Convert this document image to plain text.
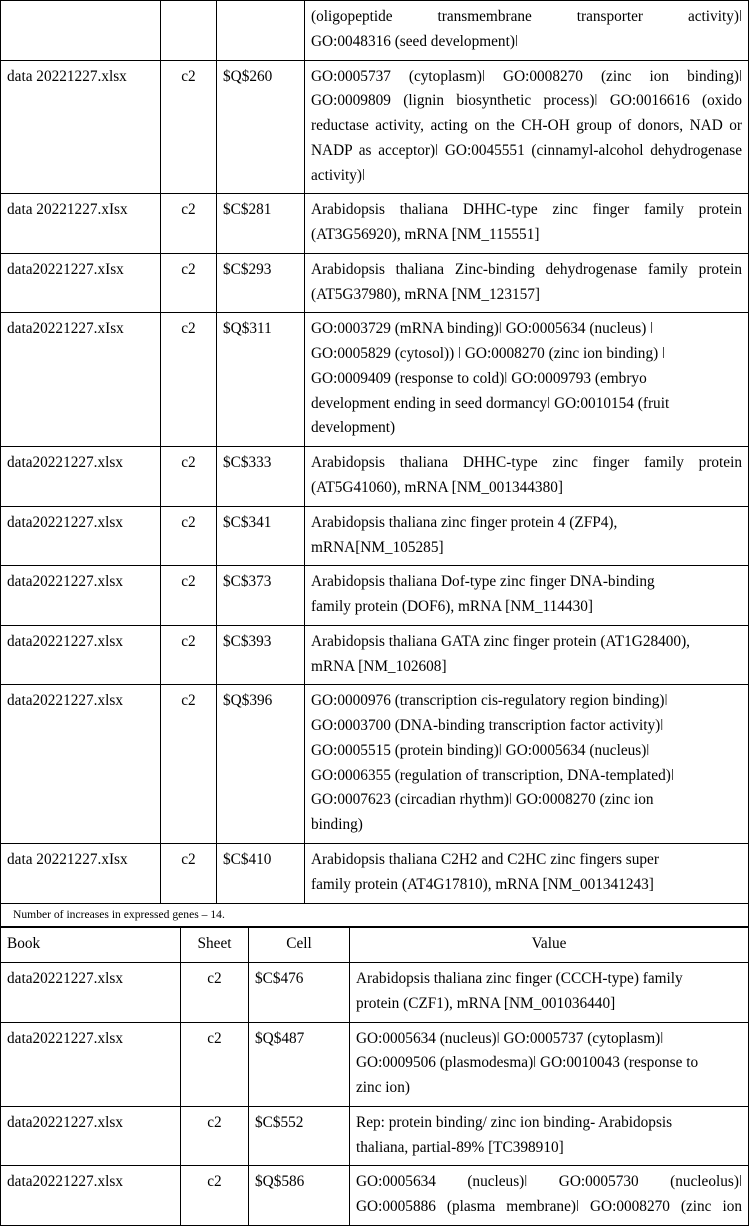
			(oligopeptide transmembrane transporter activity)ǀ
GO:0048316 (seed development)ǀ

data 20221227.xlsx	c2	$Q$260	GO:0005737 (cytoplasm)ǀ GO:0008270 (zinc ion binding)ǀ GO:0009809 (lignin biosynthetic process)ǀ GO:0016616 (oxido reductase activity, acting on the CH-OH group of donors, NAD or NADP as acceptor)ǀ GO:0045551 (cinnamyl-alcohol dehydrogenase activity)ǀ
data 20221227.xIsx	c2	$C$281	Arabidopsis thaliana DHHC-type zinc finger family protein (AT3G56920), mRNA [NM_115551]
data20221227.xIsx	c2	$C$293	Arabidopsis thaliana Zinc-binding dehydrogenase family protein (AT5G37980), mRNA [NM_123157]
data20221227.xIsx	c2	$Q$311	GO:0003729 (mRNA binding)ǀ GO:0005634 (nucleus) ǀ
GO:0005829 (cytosol)) ǀ GO:0008270 (zinc ion binding) ǀ
GO:0009409 (response to cold)ǀ GO:0009793 (embryo
development ending in seed dormancyǀ GO:0010154 (fruit
development)

data20221227.xlsx	c2	$C$333	Arabidopsis thaliana DHHC-type zinc finger family protein (AT5G41060), mRNA [NM_001344380]
data20221227.xlsx	c2	$C$341	Arabidopsis thaliana zinc finger protein 4 (ZFP4),
mRNA[NM_105285]

data20221227.xlsx	c2	$C$373	Arabidopsis thaliana Dof-type zinc finger DNA-binding
family protein (DOF6), mRNA [NM_114430]

data20221227.xlsx	c2	$C$393	Arabidopsis thaliana GATA zinc finger protein (AT1G28400),
mRNA [NM_102608]

data20221227.xlsx	c2	$Q$396	GO:0000976 (transcription cis-regulatory region binding)ǀ
GO:0003700 (DNA-binding transcription factor activity)ǀ
GO:0005515 (protein binding)ǀ GO:0005634 (nucleus)ǀ
GO:0006355 (regulation of transcription, DNA-templated)ǀ
GO:0007623 (circadian rhythm)ǀ GO:0008270 (zinc ion
binding)

data 20221227.xIsx	c2	$C$410	Arabidopsis thaliana C2H2 and C2HC zinc fingers super
family protein (AT4G17810), mRNA [NM_001341243]
Number of increases in expressed genes – 14.
Book	Sheet	Cell	Value
data20221227.xlsx	c2	$C$476	Arabidopsis thaliana zinc finger (CCCH-type) family
protein (CZF1), mRNA [NM_001036440]

data20221227.xlsx	c2	$Q$487	GO:0005634 (nucleus)ǀ GO:0005737 (cytoplasm)ǀ
GO:0009506 (plasmodesma)ǀ GO:0010043 (response to
zinc ion)

data20221227.xlsx	c2	$C$552	Rep: protein binding/ zinc ion binding- Arabidopsis
thaliana, partial-89% [TC398910]

data20221227.xlsx	c2	$Q$586	GO:0005634 (nucleus)ǀ GO:0005730 (nucleolus)ǀ
GO:0005886 (plasma membrane)ǀ GO:0008270 (zinc ion
